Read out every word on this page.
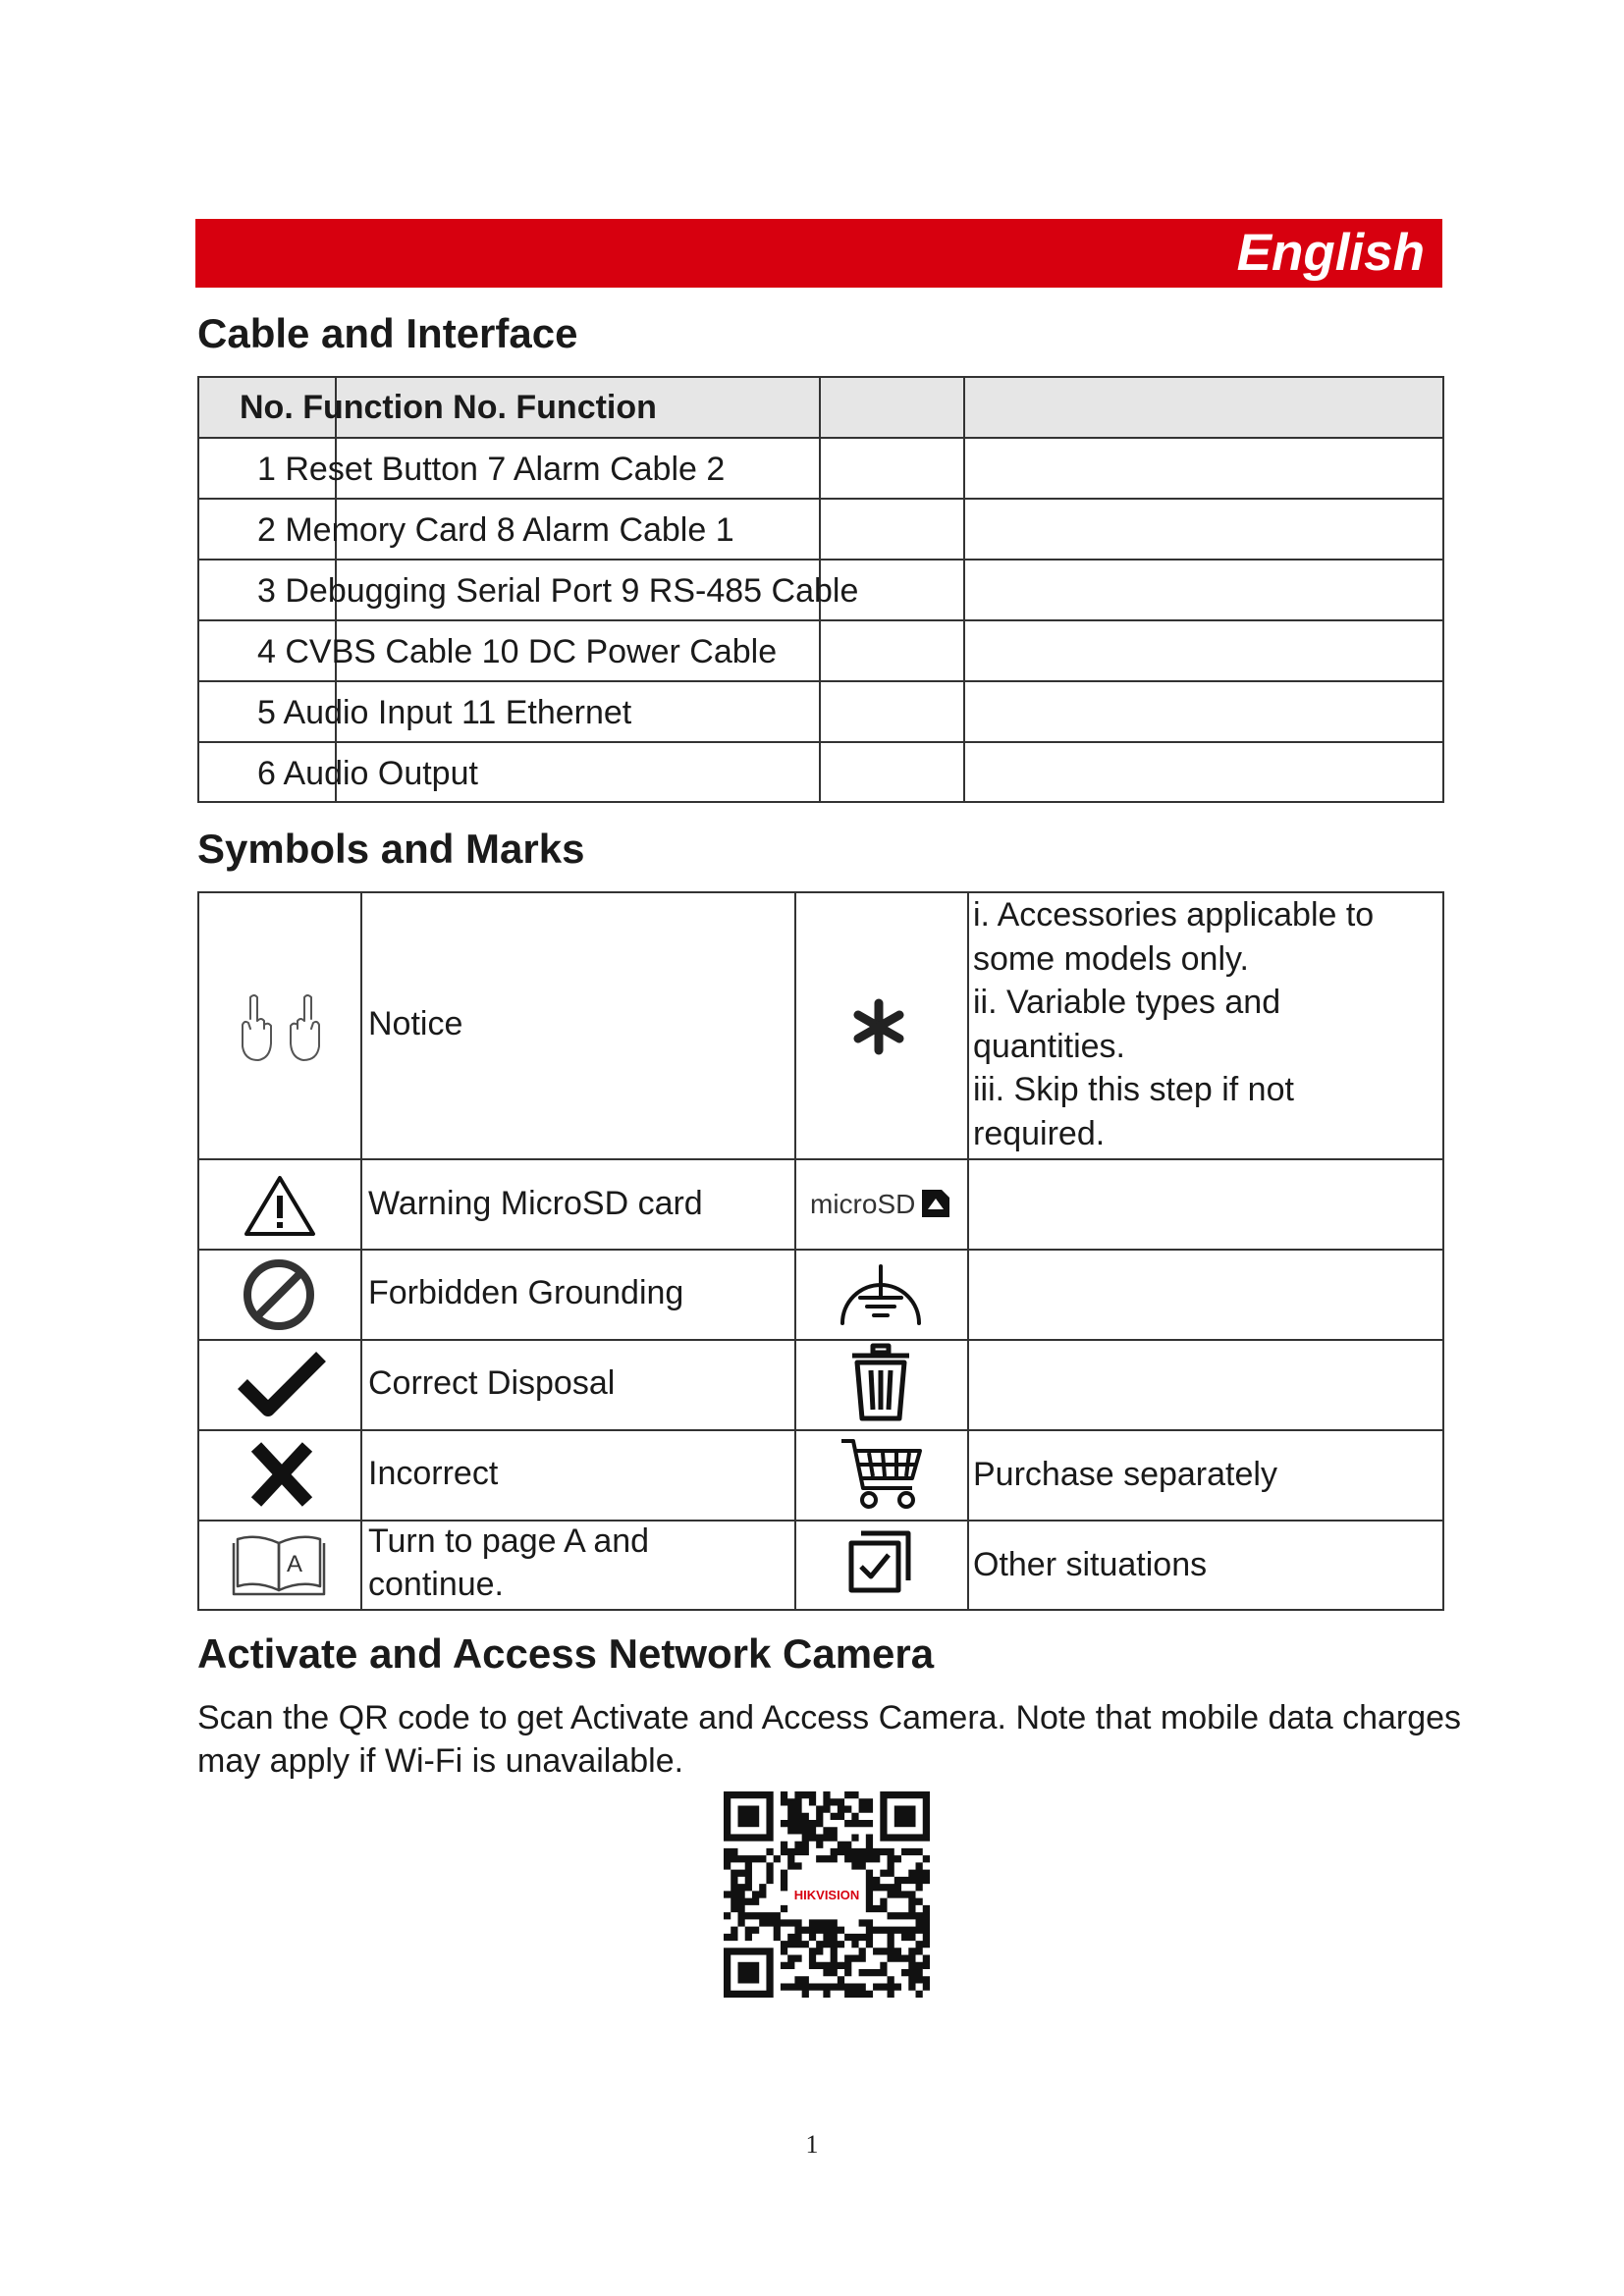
English
Cable and Interface
No. Function No. Function
1 Reset Button 7 Alarm Cable 2
2 Memory Card 8 Alarm Cable 1
3 Debugging Serial Port 9 RS-485 Cable
4 CVBS Cable 10 DC Power Cable
5 Audio Input 11 Ethernet
6 Audio Output
Symbols and Marks
Notice
i. Accessories applicable to
some models only.
ii. Variable types and
quantities.
iii. Skip this step if not
required.
Warning MicroSD card	microSD
Forbidden Grounding
Correct Disposal
Incorrect	Purchase separately
A
Turn to page A and
continue.
Other situations
Activate and Access Network Camera
Scan the QR code to get Activate and Access Camera. Note that mobile data charges
may apply if Wi-Fi is unavailable.
HIKVISION
1
